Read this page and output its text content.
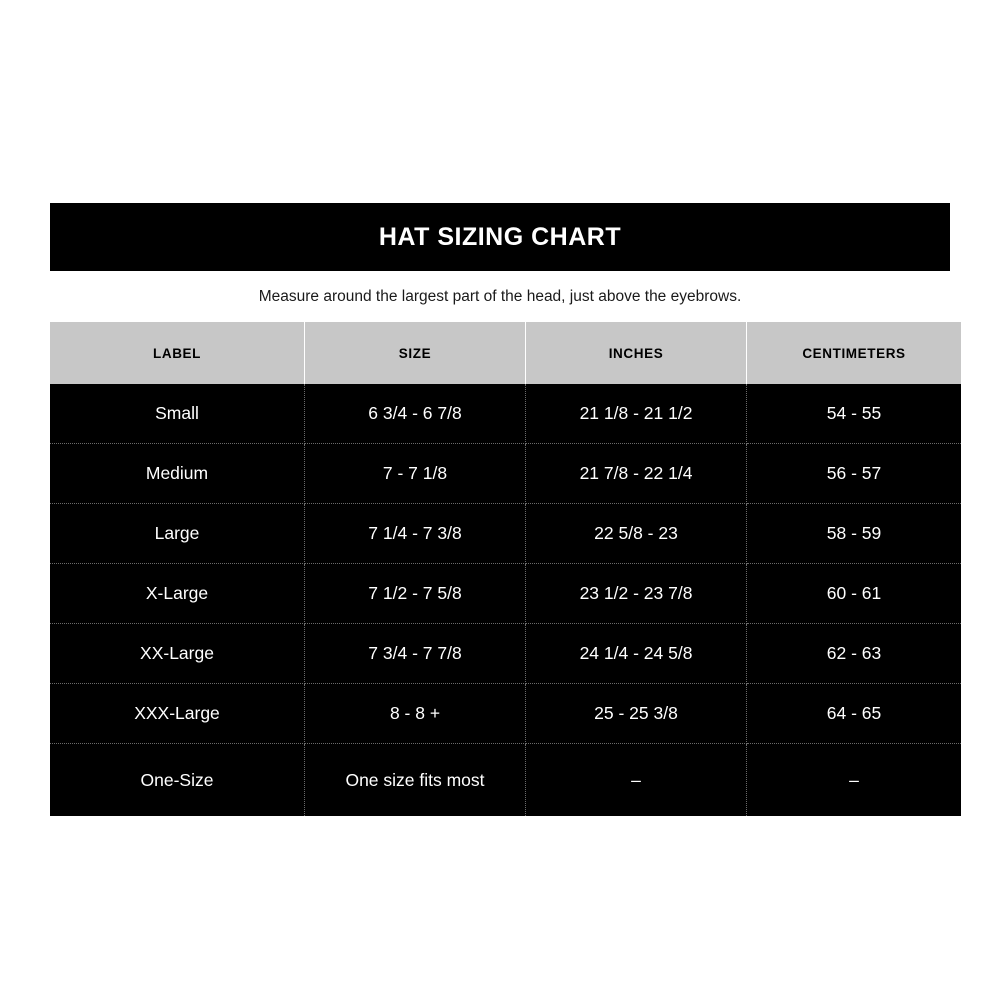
HAT SIZING CHART
Measure around the largest part of the head, just above the eyebrows.
LABEL	SIZE	INCHES	CENTIMETERS
Small	6 3/4 - 6 7/8	21 1/8 - 21 1/2	54 - 55
Medium	7 - 7 1/8	21 7/8 - 22 1/4	56 - 57
Large	7 1/4 - 7 3/8	22 5/8 - 23	58 - 59
X-Large	7 1/2 - 7 5/8	23 1/2 - 23 7/8	60 - 61
XX-Large	7 3/4 - 7 7/8	24 1/4 - 24 5/8	62 - 63
XXX-Large	8 - 8 +	25 - 25 3/8	64 - 65
One-Size	One size fits most	–	–
